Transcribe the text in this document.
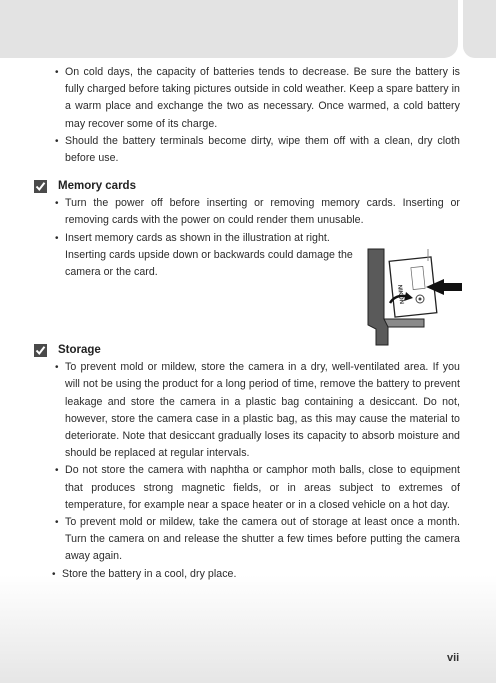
• On cold days, the capacity of batteries tends to decrease. Be sure the battery is fully charged before taking pictures outside in cold weather. Keep a spare battery in a warm place and exchange the two as necessary. Once warmed, a cold battery may recover some of its charge.
• Should the battery terminals become dirty, wipe them off with a clean, dry cloth before use.
Memory cards
• Turn the power off before inserting or removing memory cards. Inserting or removing cards with the power on could render them unusable.
• Insert memory cards as shown in the illustration at right. Inserting cards upside down or backwards could damage the camera or the card.
NIKON
Storage
• To prevent mold or mildew, store the camera in a dry, well-ventilated area. If you will not be using the product for a long period of time, remove the battery to prevent leakage and store the camera in a plastic bag containing a desiccant. Do not, however, store the camera case in a plastic bag, as this may cause the material to deteriorate. Note that desiccant gradually loses its capacity to absorb moisture and should be replaced at regular intervals.
• Do not store the camera with naphtha or camphor moth balls, close to equipment that produces strong magnetic fields, or in areas subject to extremes of temperature, for example near a space heater or in a closed vehicle on a hot day.
• To prevent mold or mildew, take the camera out of storage at least once a month. Turn the camera on and release the shutter a few times before putting the camera away again.
• Store the battery in a cool, dry place.
vii
